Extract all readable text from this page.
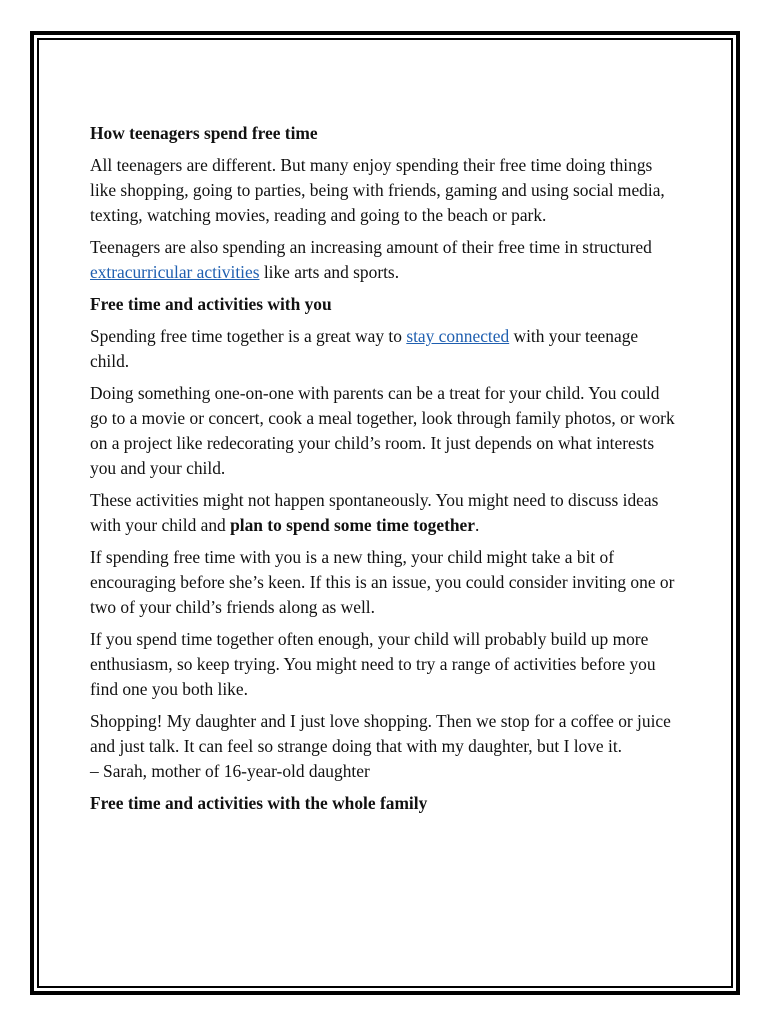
How teenagers spend free time

All teenagers are different. But many enjoy spending their free time doing things like shopping, going to parties, being with friends, gaming and using social media, texting, watching movies, reading and going to the beach or park.

Teenagers are also spending an increasing amount of their free time in structured extracurricular activities like arts and sports.

Free time and activities with you

Spending free time together is a great way to stay connected with your teenage child.

Doing something one-on-one with parents can be a treat for your child. You could go to a movie or concert, cook a meal together, look through family photos, or work on a project like redecorating your child’s room. It just depends on what interests you and your child.

These activities might not happen spontaneously. You might need to discuss ideas with your child and plan to spend some time together.

If spending free time with you is a new thing, your child might take a bit of encouraging before she’s keen. If this is an issue, you could consider inviting one or two of your child’s friends along as well.

If you spend time together often enough, your child will probably build up more enthusiasm, so keep trying. You might need to try a range of activities before you find one you both like.

Shopping! My daughter and I just love shopping. Then we stop for a coffee or juice and just talk. It can feel so strange doing that with my daughter, but I love it.
– Sarah, mother of 16-year-old daughter

Free time and activities with the whole family
